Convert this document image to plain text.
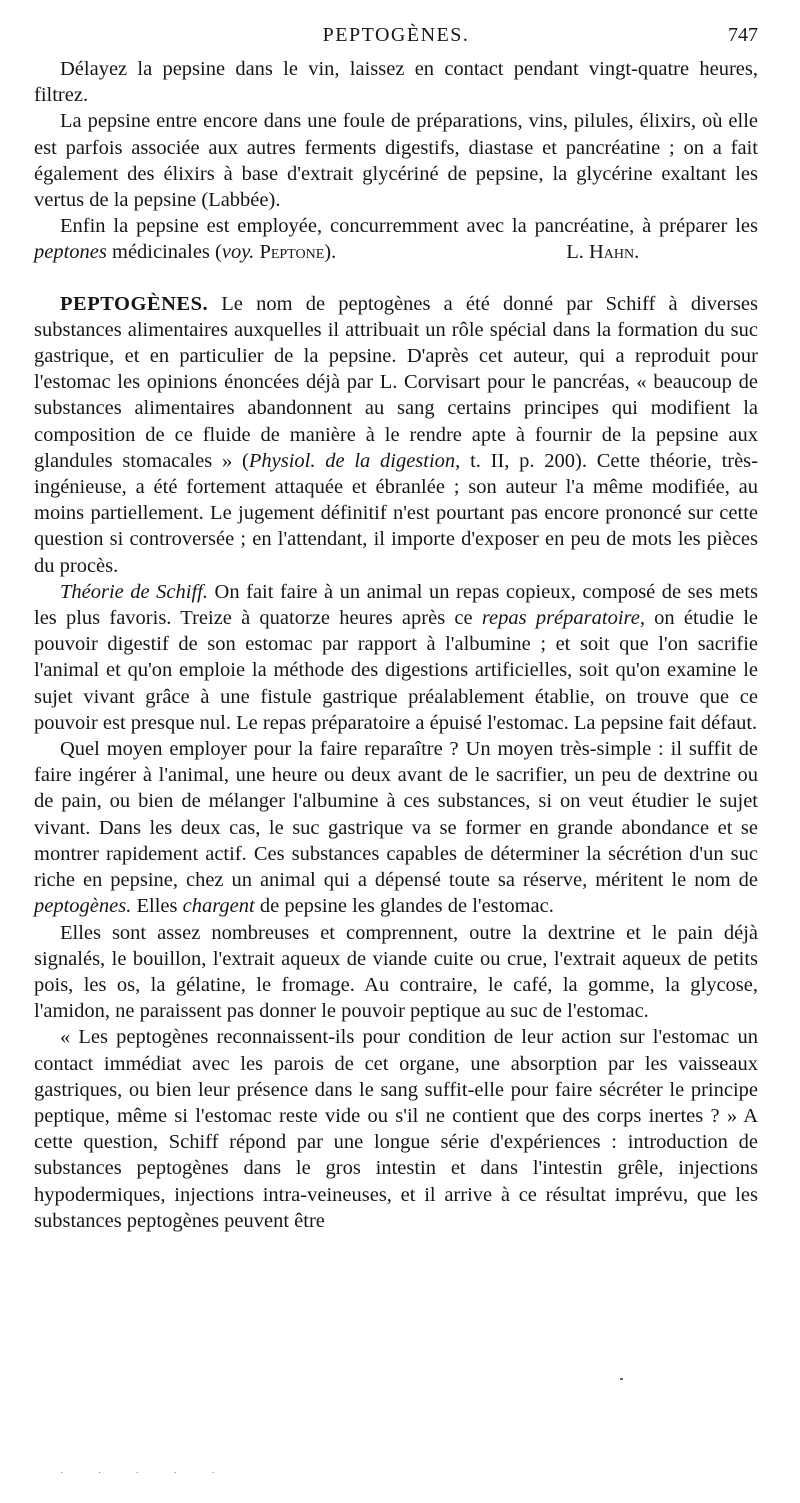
PEPTOGÈNES.	747

Délayez la pepsine dans le vin, laissez en contact pendant vingt-quatre heures, filtrez.

La pepsine entre encore dans une foule de préparations, vins, pilules, élixirs, où elle est parfois associée aux autres ferments digestifs, diastase et pancréatine ; on a fait également des élixirs à base d'extrait glycériné de pepsine, la glycérine exaltant les vertus de la pepsine (Labbée).

Enfin la pepsine est employée, concurremment avec la pancréatine, à préparer les peptones médicinales (voy. Peptone).	L. Hahn.

PEPTOGÈNES. Le nom de peptogènes a été donné par Schiff à diverses substances alimentaires auxquelles il attribuait un rôle spécial dans la formation du suc gastrique, et en particulier de la pepsine. D'après cet auteur, qui a reproduit pour l'estomac les opinions énoncées déjà par L. Corvisart pour le pancréas, « beaucoup de substances alimentaires abandonnent au sang certains principes qui modifient la composition de ce fluide de manière à le rendre apte à fournir de la pepsine aux glandules stomacales » (Physiol. de la digestion, t. II, p. 200). Cette théorie, très-ingénieuse, a été fortement attaquée et ébranlée ; son auteur l'a même modifiée, au moins partiellement. Le jugement définitif n'est pourtant pas encore prononcé sur cette question si controversée ; en l'attendant, il importe d'exposer en peu de mots les pièces du procès.

Théorie de Schiff. On fait faire à un animal un repas copieux, composé de ses mets les plus favoris. Treize à quatorze heures après ce repas préparatoire, on étudie le pouvoir digestif de son estomac par rapport à l'albumine ; et soit que l'on sacrifie l'animal et qu'on emploie la méthode des digestions artificielles, soit qu'on examine le sujet vivant grâce à une fistule gastrique préalablement établie, on trouve que ce pouvoir est presque nul. Le repas préparatoire a épuisé l'estomac. La pepsine fait défaut.

Quel moyen employer pour la faire reparaître ? Un moyen très-simple : il suffit de faire ingérer à l'animal, une heure ou deux avant de le sacrifier, un peu de dextrine ou de pain, ou bien de mélanger l'albumine à ces substances, si on veut étudier le sujet vivant. Dans les deux cas, le suc gastrique va se former en grande abondance et se montrer rapidement actif. Ces substances capables de déterminer la sécrétion d'un suc riche en pepsine, chez un animal qui a dépensé toute sa réserve, méritent le nom de peptogènes. Elles chargent de pepsine les glandes de l'estomac.

Elles sont assez nombreuses et comprennent, outre la dextrine et le pain déjà signalés, le bouillon, l'extrait aqueux de viande cuite ou crue, l'extrait aqueux de petits pois, les os, la gélatine, le fromage. Au contraire, le café, la gomme, la glycose, l'amidon, ne paraissent pas donner le pouvoir peptique au suc de l'estomac.

« Les peptogènes reconnaissent-ils pour condition de leur action sur l'estomac un contact immédiat avec les parois de cet organe, une absorption par les vaisseaux gastriques, ou bien leur présence dans le sang suffit-elle pour faire sécréter le principe peptique, même si l'estomac reste vide ou s'il ne contient que des corps inertes ? » A cette question, Schiff répond par une longue série d'expériences : introduction de substances peptogènes dans le gros intestin et dans l'intestin grêle, injections hypodermiques, injections intra-veineuses, et il arrive à ce résultat imprévu, que les substances peptogènes peuvent être

· · · · ·
